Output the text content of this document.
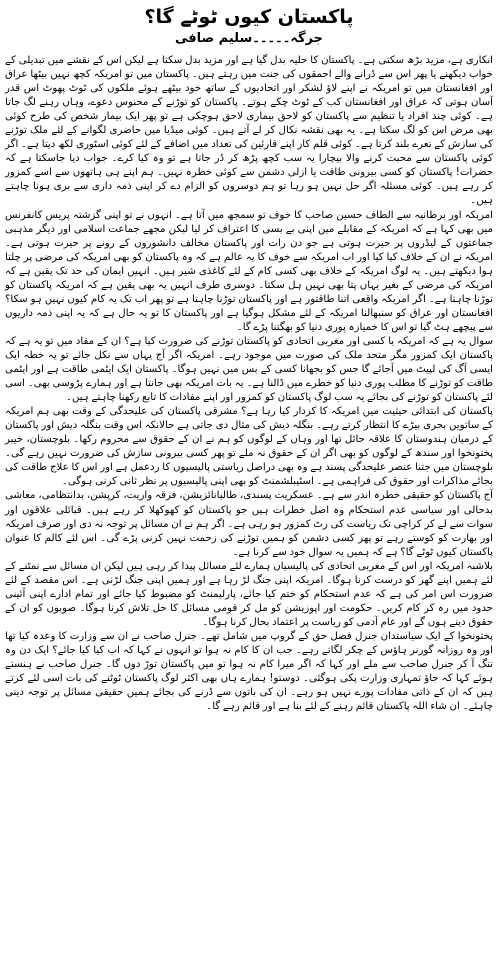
پاکستان کیوں ٹوٹے گا؟
جرگہ۔۔۔۔۔سلیم صافی

انکاری ہے، مزید بڑھ سکتی ہے۔ پاکستان کا حلیہ بدل گیا ہے اور مزید بدل سکتا ہے لیکن اس کے نقشے میں تبدیلی کے خواب دیکھنے یا پھر اس سے ڈرانے والے احمقوں کی جنت میں رہتے ہیں۔ پاکستان میں تو امریکہ کچھ نہیں بیٹھا عراق اور افغانستان میں تو امریکہ نے اپنے لاؤ لشکر اور اتحادیوں کے ساتھ خود بیٹھے ہوئے ملکوں کی ٹوٹ پھوٹ اس قدر آسان ہوتی کہ عراق اور افغانستان کب کے ٹوٹ چکے ہوتے۔ پاکستان کو توڑنے کے محنوس دعوے، وہاں رہنے لگ جاتا ہے۔ کوئی چند افراد یا تنظیم سے پاکستان کو لاحق بیماری لاحق ہوچکی ہے تو پھر ایک بیمار شخص کی طرح کوئی بھی مرض اس کو لگ سکتا ہے۔ یہ بھی نقشہ نکال کر لے آتے ہیں۔ کوئی میڈیا میں حاضری لگوانے کے لئے ملک توڑنے کی سازش کے نعرے بلند کرتا ہے۔ کوئی قلم کار اپنے قارئین کی تعداد میں اضافے کے لئے کوئی اسٹوری لکھ دیتا ہے۔ اگر کوئی پاکستان سے محبت کرنے والا بیچارا یہ سب کچھ پڑھ کر ڈر جاتا ہے تو وہ کیا کرے۔ جواب دیا جاسکتا ہے کہ حضرات! پاکستان کو کسی بیرونی طاقت یا ازلی دشمن سے کوئی خطرہ نہیں۔ ہم اپنے ہی ہاتھوں سے اسے کمزور کر رہے ہیں۔ کوئی مسئلہ اگر حل نہیں ہو رہا تو ہم دوسروں کو الزام دے کر اپنی ذمہ داری سے بری ہونا چاہتے ہیں۔

امریکہ اور برطانیہ سے الطاف حسین صاحب کا خوف تو سمجھ میں آتا ہے۔ انہوں نے تو اپنی گزشتہ پریس کانفرنس میں بھی کہا ہے کہ امریکہ کے مقابلے میں اپنی بے بسی کا اعتراف کر لیا لیکن مجھے جماعت اسلامی اور دیگر مذہبی جماعتوں کے لیڈروں پر حیرت ہوتی ہے جو دن رات اور پاکستان مخالف دانشوروں کے رونے پر حیرت ہوتی ہے۔ امریکہ نے ان کے خلاف کیا کیا اور اب امریکہ سے خوف کا یہ عالم ہے کہ وہ پاکستان کو بھی امریکہ کی مرضی پر چلتا ہوا دیکھتے ہیں۔ یہ لوگ امریکہ کے خلاف بھی کسی کام کے لئے کاغذی شیر ہیں۔ انہیں ایمان کی حد تک یقین ہے کہ امریکہ کی مرضی کے بغیر یہاں پتا بھی نہیں ہل سکتا۔ دوسری طرف انہیں یہ بھی یقین ہے کہ امریکہ پاکستان کو توڑنا چاہتا ہے۔ اگر امریکہ واقعی اتنا طاقتور ہے اور پاکستان توڑنا چاہتا ہے تو پھر اب تک یہ کام کیوں نہیں ہو سکا؟ افغانستان اور عراق کو سنبھالنا امریکہ کے لئے مشکل ہوگیا ہے اور پاکستان کا تو یہ حال ہے کہ یہ اپنی ذمہ داریوں سے پیچھے ہٹ گیا تو اس کا خمیازہ پوری دنیا کو بھگتنا پڑے گا۔

سوال یہ ہے کہ امریکہ یا کسی اور مغربی اتحادی کو پاکستان توڑنے کی ضرورت کیا ہے؟ ان کے مفاد میں تو یہ ہے کہ پاکستان ایک کمزور مگر متحد ملک کی صورت میں موجود رہے۔ امریکہ اگر آج یہاں سے نکل جائے تو یہ خطہ ایک ایسی آگ کی لپیٹ میں آجائے گا جس کو بجھانا کسی کے بس میں نہیں ہوگا۔ پاکستان ایک ایٹمی طاقت ہے اور ایٹمی طاقت کو توڑنے کا مطلب پوری دنیا کو خطرے میں ڈالنا ہے۔ یہ بات امریکہ بھی جانتا ہے اور ہمارے پڑوسی بھی۔ اسی لئے پاکستان کو توڑنے کی بجائے یہ سب لوگ پاکستان کو کمزور اور اپنے مفادات کا تابع رکھنا چاہتے ہیں۔

پاکستان کی ابتدائی حیثیت میں امریکہ کا کردار کیا رہا ہے؟ مشرقی پاکستان کی علیحدگی کے وقت بھی ہم امریکہ کے ساتویں بحری بیڑے کا انتظار کرتے رہے۔ بنگلہ دیش کی مثال دی جاتی ہے حالانکہ اس وقت بنگلہ دیش اور پاکستان کے درمیان ہندوستان کا علاقہ حائل تھا اور وہاں کے لوگوں کو ہم نے ان کے حقوق سے محروم رکھا۔ بلوچستان، خیبر پختونخوا اور سندھ کے لوگوں کو بھی اگر ان کے حقوق نہ ملے تو پھر کسی بیرونی سازش کی ضرورت نہیں رہے گی۔ بلوچستان میں جتنا عنصر علیحدگی پسند ہے وہ بھی دراصل ریاستی پالیسیوں کا ردعمل ہے اور اس کا علاج طاقت کی بجائے مذاکرات اور حقوق کی فراہمی ہے۔ اسٹیبلشمنٹ کو بھی اپنی پالیسیوں پر نظر ثانی کرنی ہوگی۔

آج پاکستان کو حقیقی خطرہ اندر سے ہے۔ عسکریت پسندی، طالبانائزیشن، فرقہ واریت، کرپشن، بدانتظامی، معاشی بدحالی اور سیاسی عدم استحکام وہ اصل خطرات ہیں جو پاکستان کو کھوکھلا کر رہے ہیں۔ قبائلی علاقوں اور سوات سے لے کر کراچی تک ریاست کی رٹ کمزور ہو رہی ہے۔ اگر ہم نے ان مسائل پر توجہ نہ دی اور صرف امریکہ اور بھارت کو کوستے رہے تو پھر کسی دشمن کو ہمیں توڑنے کی زحمت نہیں کرنی پڑے گی۔ اس لئے کالم کا عنوان پاکستان کیوں ٹوٹے گا؟ ہے کہ ہمیں یہ سوال خود سے کرنا ہے۔

بلاشبہ امریکہ اور اس کے مغربی اتحادی کی پالیسیاں ہمارے لئے مسائل پیدا کر رہی ہیں لیکن ان مسائل سے نمٹنے کے لئے ہمیں اپنے گھر کو درست کرنا ہوگا۔ امریکہ اپنی جنگ لڑ رہا ہے اور ہمیں اپنی جنگ لڑنی ہے۔ اس مقصد کے لئے ضرورت اس امر کی ہے کہ عدم استحکام کو ختم کیا جائے، پارلیمنٹ کو مضبوط کیا جائے اور تمام ادارے اپنی آئینی حدود میں رہ کر کام کریں۔ حکومت اور اپوزیشن کو مل کر قومی مسائل کا حل تلاش کرنا ہوگا۔ صوبوں کو ان کے حقوق دینے ہوں گے اور عام آدمی کو ریاست پر اعتماد بحال کرنا ہوگا۔

پختونخوا کے ایک سیاستدان جنرل فضل حق کے گروپ میں شامل تھے۔ جنرل صاحب نے ان سے وزارت کا وعدہ کیا تھا اور وہ روزانہ گورنر ہاؤس کے چکر لگاتے رہے۔ جب ان کا کام نہ ہوا تو انہوں نے کہا کہ اب کیا کیا جائے؟ ایک دن وہ تنگ آ کر جنرل صاحب سے ملے اور کہا کہ اگر میرا کام نہ ہوا تو میں پاکستان توڑ دوں گا۔ جنرل صاحب نے ہنستے ہوئے کہا کہ جاؤ تمہاری وزارت پکی ہوگئی۔ دوستو! ہمارے ہاں بھی اکثر لوگ پاکستان ٹوٹنے کی بات اسی لئے کرتے ہیں کہ ان کے ذاتی مفادات پورے نہیں ہو رہے۔ ان کی باتوں سے ڈرنے کی بجائے ہمیں حقیقی مسائل پر توجہ دینی چاہئے۔ ان شاء اللہ پاکستان قائم رہنے کے لئے بنا ہے اور قائم رہے گا۔
